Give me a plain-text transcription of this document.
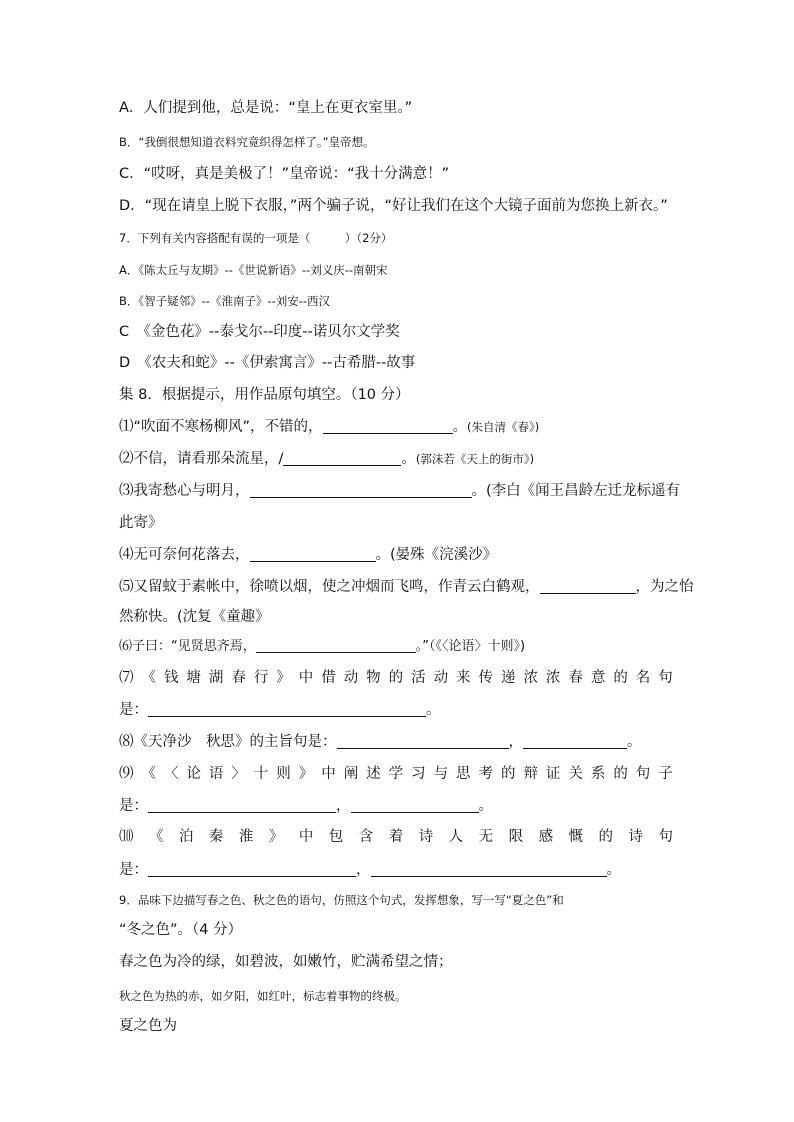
A．人们提到他，总是说：“皇上在更衣室里。”
B．“我倒很想知道衣料究竟织得怎样了。”皇帝想。
C．“哎呀，真是美极了！”皇帝说：“我十分满意！”
D．“现在请皇上脱下衣服，”两个骗子说，“好让我们在这个大镜子面前为您换上新衣。”
7．下列有关内容搭配有误的一项是（　　　）（2分）
A．《陈太丘与友期》--《世说新语》--刘义庆--南朝宋
B．《智子疑邻》--《淮南子》--刘安--西汉
C　《金色花》--泰戈尔--印度--诺贝尔文学奖
D　《农夫和蛇》--《伊索寓言》--古希腊--故事
集 8．根据提示，用作品原句填空。（10 分）
⑴“吹面不寒杨柳风”，不错的，	。(朱自清《春》)
⑵不信，请看那朵流星，/	。(郭沫若《天上的街市》)
⑶我寄愁心与明月，	。(李白《闻王昌龄左迁龙标遥有
此寄》
⑷无可奈何花落去，	。(晏殊《浣溪沙》
⑸又留蚊于素帐中，徐喷以烟，使之冲烟而飞鸣，作青云白鹤观，	，为之怡
然称快。(沈复《童趣》
⑹子曰：“见贤思齐焉，	。”（《〈论语〉十则》)
⑺ 《 钱 塘 湖 春 行 》 中 借 动 物 的 活 动 来 传 递 浓 浓 春 意 的 名 句
是：	。
⑻《天净沙　秋思》的主旨句是：	，	。
⑼ 《 〈 论 语 〉 十 则 》 中 阐 述 学 习 与 思 考 的 辩 证 关 系 的 句 子
是：	，	。
⑽ 《 泊 秦 淮 》 中 包 含 着 诗 人 无 限 感 慨 的 诗 句
是：	，	。
9．品味下边描写春之色、秋之色的语句，仿照这个句式，发挥想象，写一写“夏之色”和
“冬之色”。（4 分）
春之色为冷的绿，如碧波，如嫩竹，贮满希望之情；
秋之色为热的赤，如夕阳，如红叶，标志着事物的终极。
夏之色为
